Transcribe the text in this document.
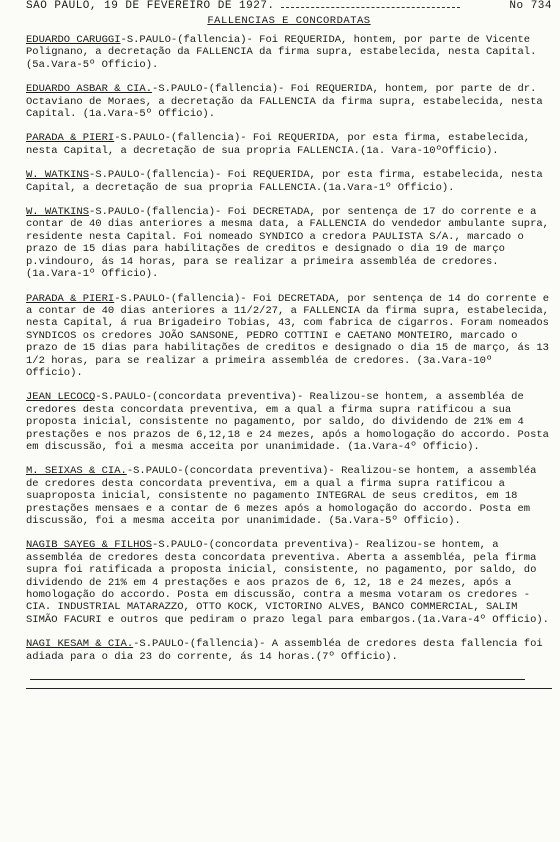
SÃO PAULO, 19 DE FEVEREIRO DE 1927.	No 734
FALLENCIAS E CONCORDATAS

EDUARDO CARUGGI-S.PAULO-(fallencia)- Foi REQUERIDA, hontem, por parte de Vicente Polignano, a decretação da FALLENCIA da firma supra, estabelecida, nesta Capital. (5a.Vara-5º Officio).

EDUARDO ASBAR & CIA.-S.PAULO-(fallencia)- Foi REQUERIDA, hontem, por parte de dr. Octaviano de Moraes, a decretação da FALLENCIA da firma supra, estabelecida, nesta Capital. (1a.Vara-5º Officio).

PARADA & PIERI-S.PAULO-(fallencia)- Foi REQUERIDA, por esta firma, estabelecida, nesta Capital, a decretação de sua propria FALLENCIA.(1a. Vara-10ºOfficio).

W. WATKINS-S.PAULO-(fallencia)- Foi REQUERIDA, por esta firma, estabelecida, nesta Capital, a decretação de sua propria FALLENCIA.(1a.Vara-1º Officio).

W. WATKINS-S.PAULO-(fallencia)- Foi DECRETADA, por sentença de 17 do corrente e a contar de 40 dias anteriores a mesma data, a FALLENCIA do vendedor ambulante supra, residente nesta Capital. Foi nomeado SYNDICO a credora PAULISTA S/A., marcado o prazo de 15 dias para habilitações de creditos e designado o dia 19 de março p.vindouro, ás 14 horas, para se realizar a primeira assembléa de credores. (1a.Vara-1º Officio).

PARADA & PIERI-S.PAULO-(fallencia)- Foi DECRETADA, por sentença de 14 do corrente e a contar de 40 dias anteriores a 11/2/27, a FALLENCIA da firma supra, estabelecida, nesta Capital, á rua Brigadeiro Tobias, 43, com fabrica de cigarros. Foram nomeados SYNDICOS os credores JOÃO SANSONE, PEDRO COTTINI e CAETANO MONTEIRO, marcado o prazo de 15 dias para habilitações de creditos e designado o dia 15 de março, ás 13 1/2 horas, para se realizar a primeira assembléa de credores. (3a.Vara-10º Officio).

JEAN LECOCQ-S.PAULO-(concordata preventiva)- Realizou-se hontem, a assembléa de credores desta concordata preventiva, em a qual a firma supra ratificou a sua proposta inicial, consistente no pagamento, por saldo, do dividendo de 21% em 4 prestações e nos prazos de 6,12,18 e 24 mezes, após a homologação do accordo. Posta em discussão, foi a mesma acceita por unanimidade. (1a.Vara-4º Officio).

M. SEIXAS & CIA.-S.PAULO-(concordata preventiva)- Realizou-se hontem, a assembléa de credores desta concordata preventiva, em a qual a firma supra ratificou a suaproposta inicial, consistente no pagamento INTEGRAL de seus creditos, em 18 prestações mensaes e a contar de 6 mezes após a homologação do accordo. Posta em discussão, foi a mesma acceita por unanimidade. (5a.Vara-5º Officio).

NAGIB SAYEG & FILHOS-S.PAULO-(concordata preventiva)- Realizou-se hontem, a assembléa de credores desta concordata preventiva. Aberta a assembléa, pela firma supra foi ratificada a proposta inicial, consistente, no pagamento, por saldo, do dividendo de 21% em 4 prestações e aos prazos de 6, 12, 18 e 24 mezes, após a homologação do accordo. Posta em discussão, contra a mesma votaram os credores - CIA. INDUSTRIAL MATARAZZO, OTTO KOCK, VICTORINO ALVES, BANCO COMMERCIAL, SALIM SIMÃO FACURI e outros que pediram o prazo legal para embargos.(1a.Vara-4º Officio).

NAGI KESAM & CIA.-S.PAULO-(fallencia)- A assembléa de credores desta fallencia foi adiada para o dia 23 do corrente, ás 14 horas.(7º Officio).
